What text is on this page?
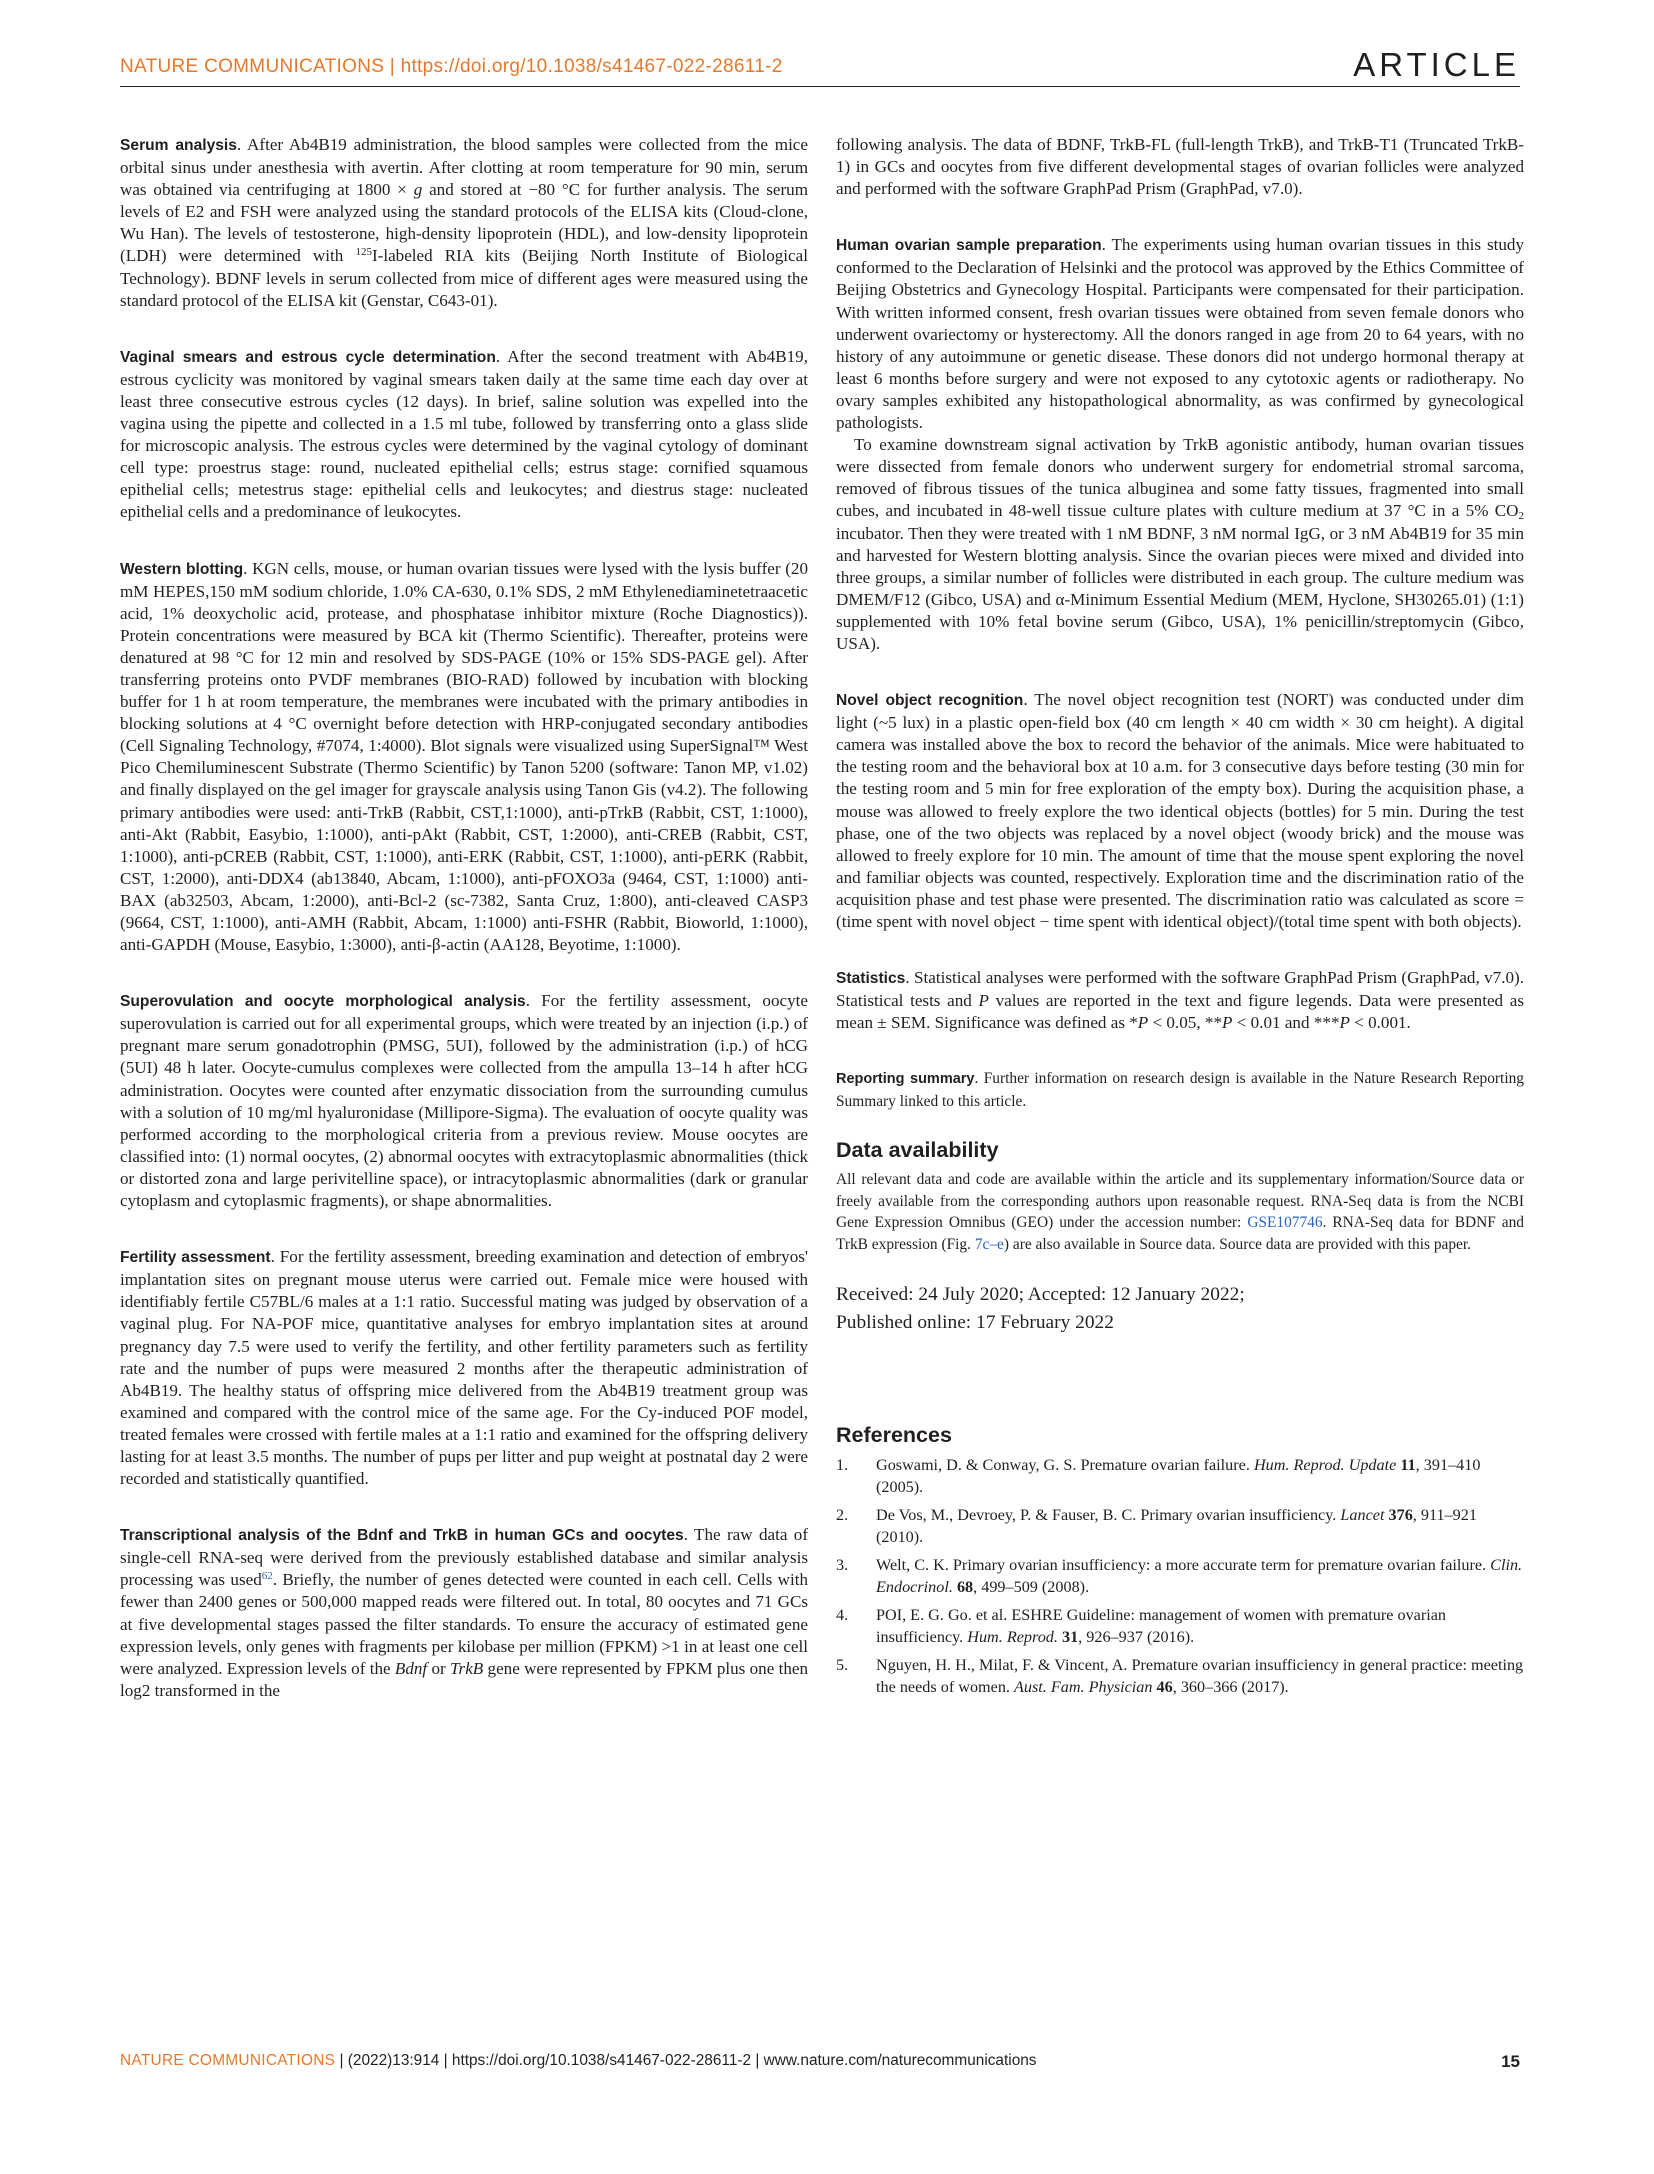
NATURE COMMUNICATIONS | https://doi.org/10.1038/s41467-022-28611-2	ARTICLE

Serum analysis. After Ab4B19 administration, the blood samples were collected from the mice orbital sinus under anesthesia with avertin. After clotting at room temperature for 90 min, serum was obtained via centrifuging at 1800 × g and stored at −80 °C for further analysis. The serum levels of E2 and FSH were analyzed using the standard protocols of the ELISA kits (Cloud-clone, Wu Han). The levels of testosterone, high-density lipoprotein (HDL), and low-density lipoprotein (LDH) were determined with $^{125}$I-labeled RIA kits (Beijing North Institute of Biological Technology). BDNF levels in serum collected from mice of different ages were measured using the standard protocol of the ELISA kit (Genstar, C643-01).

Vaginal smears and estrous cycle determination. After the second treatment with Ab4B19, estrous cyclicity was monitored by vaginal smears taken daily at the same time each day over at least three consecutive estrous cycles (12 days). In brief, saline solution was expelled into the vagina using the pipette and collected in a 1.5 ml tube, followed by transferring onto a glass slide for microscopic analysis. The estrous cycles were determined by the vaginal cytology of dominant cell type: proestrus stage: round, nucleated epithelial cells; estrus stage: cornified squamous epithelial cells; metestrus stage: epithelial cells and leukocytes; and diestrus stage: nucleated epithelial cells and a predominance of leukocytes.

Western blotting. KGN cells, mouse, or human ovarian tissues were lysed with the lysis buffer (20 mM HEPES,150 mM sodium chloride, 1.0% CA-630, 0.1% SDS, 2 mM Ethylenediaminetetraacetic acid, 1% deoxycholic acid, protease, and phosphatase inhibitor mixture (Roche Diagnostics)). Protein concentrations were measured by BCA kit (Thermo Scientific). Thereafter, proteins were denatured at 98 °C for 12 min and resolved by SDS-PAGE (10% or 15% SDS-PAGE gel). After transferring proteins onto PVDF membranes (BIO-RAD) followed by incubation with blocking buffer for 1 h at room temperature, the membranes were incubated with the primary antibodies in blocking solutions at 4 °C overnight before detection with HRP-conjugated secondary antibodies (Cell Signaling Technology, #7074, 1:4000). Blot signals were visualized using SuperSignal™ West Pico Chemiluminescent Substrate (Thermo Scientific) by Tanon 5200 (software: Tanon MP, v1.02) and finally displayed on the gel imager for grayscale analysis using Tanon Gis (v4.2). The following primary antibodies were used: anti-TrkB (Rabbit, CST,1:1000), anti-pTrkB (Rabbit, CST, 1:1000), anti-Akt (Rabbit, Easybio, 1:1000), anti-pAkt (Rabbit, CST, 1:2000), anti-CREB (Rabbit, CST, 1:1000), anti-pCREB (Rabbit, CST, 1:1000), anti-ERK (Rabbit, CST, 1:1000), anti-pERK (Rabbit, CST, 1:2000), anti-DDX4 (ab13840, Abcam, 1:1000), anti-pFOXO3a (9464, CST, 1:1000) anti-BAX (ab32503, Abcam, 1:2000), anti-Bcl-2 (sc-7382, Santa Cruz, 1:800), anti-cleaved CASP3 (9664, CST, 1:1000), anti-AMH (Rabbit, Abcam, 1:1000) anti-FSHR (Rabbit, Bioworld, 1:1000), anti-GAPDH (Mouse, Easybio, 1:3000), anti-β-actin (AA128, Beyotime, 1:1000).

Superovulation and oocyte morphological analysis. For the fertility assessment, oocyte superovulation is carried out for all experimental groups, which were treated by an injection (i.p.) of pregnant mare serum gonadotrophin (PMSG, 5UI), followed by the administration (i.p.) of hCG (5UI) 48 h later. Oocyte-cumulus complexes were collected from the ampulla 13–14 h after hCG administration. Oocytes were counted after enzymatic dissociation from the surrounding cumulus with a solution of 10 mg/ml hyaluronidase (Millipore-Sigma). The evaluation of oocyte quality was performed according to the morphological criteria from a previous review. Mouse oocytes are classified into: (1) normal oocytes, (2) abnormal oocytes with extracytoplasmic abnormalities (thick or distorted zona and large perivitelline space), or intracytoplasmic abnormalities (dark or granular cytoplasm and cytoplasmic fragments), or shape abnormalities.

Fertility assessment. For the fertility assessment, breeding examination and detection of embryos' implantation sites on pregnant mouse uterus were carried out. Female mice were housed with identifiably fertile C57BL/6 males at a 1:1 ratio. Successful mating was judged by observation of a vaginal plug. For NA-POF mice, quantitative analyses for embryo implantation sites at around pregnancy day 7.5 were used to verify the fertility, and other fertility parameters such as fertility rate and the number of pups were measured 2 months after the therapeutic administration of Ab4B19. The healthy status of offspring mice delivered from the Ab4B19 treatment group was examined and compared with the control mice of the same age. For the Cy-induced POF model, treated females were crossed with fertile males at a 1:1 ratio and examined for the offspring delivery lasting for at least 3.5 months. The number of pups per litter and pup weight at postnatal day 2 were recorded and statistically quantified.

Transcriptional analysis of the Bdnf and TrkB in human GCs and oocytes. The raw data of single-cell RNA-seq were derived from the previously established database and similar analysis processing was used$^{62}$. Briefly, the number of genes detected were counted in each cell. Cells with fewer than 2400 genes or 500,000 mapped reads were filtered out. In total, 80 oocytes and 71 GCs at five developmental stages passed the filter standards. To ensure the accuracy of estimated gene expression levels, only genes with fragments per kilobase per million (FPKM) >1 in at least one cell were analyzed. Expression levels of the Bdnf or TrkB gene were represented by FPKM plus one then log2 transformed in the

following analysis. The data of BDNF, TrkB-FL (full-length TrkB), and TrkB-T1 (Truncated TrkB-1) in GCs and oocytes from five different developmental stages of ovarian follicles were analyzed and performed with the software GraphPad Prism (GraphPad, v7.0).

Human ovarian sample preparation. The experiments using human ovarian tissues in this study conformed to the Declaration of Helsinki and the protocol was approved by the Ethics Committee of Beijing Obstetrics and Gynecology Hospital. Participants were compensated for their participation. With written informed consent, fresh ovarian tissues were obtained from seven female donors who underwent ovariectomy or hysterectomy. All the donors ranged in age from 20 to 64 years, with no history of any autoimmune or genetic disease. These donors did not undergo hormonal therapy at least 6 months before surgery and were not exposed to any cytotoxic agents or radiotherapy. No ovary samples exhibited any histopathological abnormality, as was confirmed by gynecological pathologists.

To examine downstream signal activation by TrkB agonistic antibody, human ovarian tissues were dissected from female donors who underwent surgery for endometrial stromal sarcoma, removed of fibrous tissues of the tunica albuginea and some fatty tissues, fragmented into small cubes, and incubated in 48-well tissue culture plates with culture medium at 37 °C in a 5% $CO_2$ incubator. Then they were treated with 1 nM BDNF, 3 nM normal IgG, or 3 nM Ab4B19 for 35 min and harvested for Western blotting analysis. Since the ovarian pieces were mixed and divided into three groups, a similar number of follicles were distributed in each group. The culture medium was DMEM/F12 (Gibco, USA) and α-Minimum Essential Medium (MEM, Hyclone, SH30265.01) (1:1) supplemented with 10% fetal bovine serum (Gibco, USA), 1% penicillin/streptomycin (Gibco, USA).

Novel object recognition. The novel object recognition test (NORT) was conducted under dim light (~5 lux) in a plastic open-field box (40 cm length × 40 cm width × 30 cm height). A digital camera was installed above the box to record the behavior of the animals. Mice were habituated to the testing room and the behavioral box at 10 a.m. for 3 consecutive days before testing (30 min for the testing room and 5 min for free exploration of the empty box). During the acquisition phase, a mouse was allowed to freely explore the two identical objects (bottles) for 5 min. During the test phase, one of the two objects was replaced by a novel object (woody brick) and the mouse was allowed to freely explore for 10 min. The amount of time that the mouse spent exploring the novel and familiar objects was counted, respectively. Exploration time and the discrimination ratio of the acquisition phase and test phase were presented. The discrimination ratio was calculated as score = (time spent with novel object − time spent with identical object)/(total time spent with both objects).

Statistics. Statistical analyses were performed with the software GraphPad Prism (GraphPad, v7.0). Statistical tests and P values are reported in the text and figure legends. Data were presented as mean ± SEM. Significance was defined as *P < 0.05, **P < 0.01 and ***P < 0.001.

Reporting summary. Further information on research design is available in the Nature Research Reporting Summary linked to this article.

Data availability

All relevant data and code are available within the article and its supplementary information/Source data or freely available from the corresponding authors upon reasonable request. RNA-Seq data is from the NCBI Gene Expression Omnibus (GEO) under the accession number: GSE107746. RNA-Seq data for BDNF and TrkB expression (Fig. 7c–e) are also available in Source data. Source data are provided with this paper.

Received: 24 July 2020; Accepted: 12 January 2022;
Published online: 17 February 2022
References
1. Goswami, D. & Conway, G. S. Premature ovarian failure. Hum. Reprod. Update 11, 391–410 (2005).
2. De Vos, M., Devroey, P. & Fauser, B. C. Primary ovarian insufficiency. Lancet 376, 911–921 (2010).
3. Welt, C. K. Primary ovarian insufficiency: a more accurate term for premature ovarian failure. Clin. Endocrinol. 68, 499–509 (2008).
4. POI, E. G. Go. et al. ESHRE Guideline: management of women with premature ovarian insufficiency. Hum. Reprod. 31, 926–937 (2016).
5. Nguyen, H. H., Milat, F. & Vincent, A. Premature ovarian insufficiency in general practice: meeting the needs of women. Aust. Fam. Physician 46, 360–366 (2017).
NATURE COMMUNICATIONS | (2022)13:914 | https://doi.org/10.1038/s41467-022-28611-2 | www.nature.com/naturecommunications	15
